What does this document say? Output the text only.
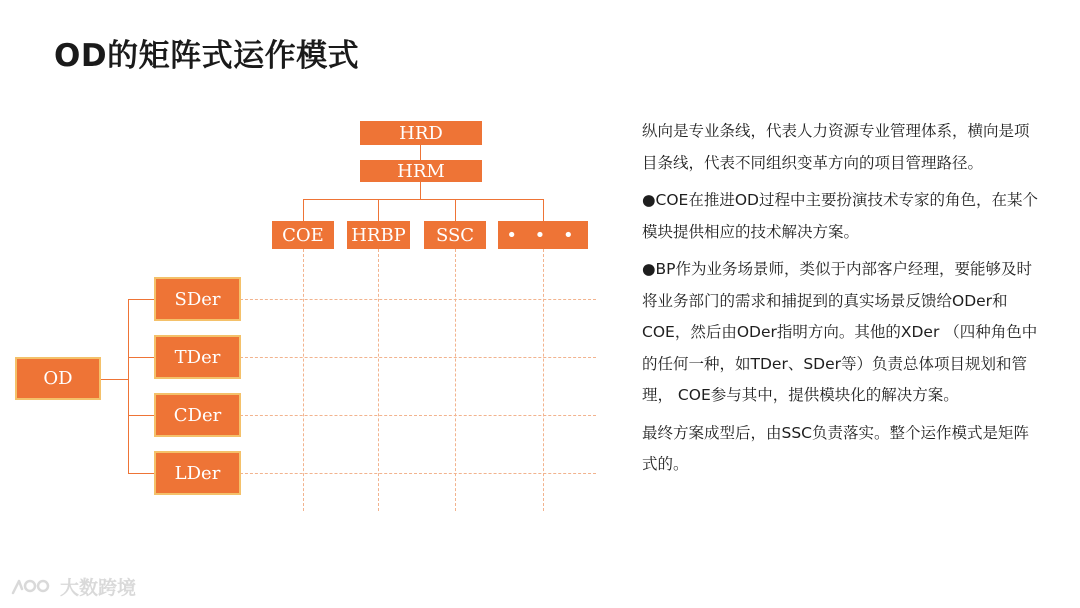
OD的矩阵式运作模式
HRD
HRM
COE	HRBP	SSC	• • •
OD
SDer
TDer
CDer
LDer

纵向是专业条线，代表人力资源专业管理体系，横向是项目条线，代表不同组织变革方向的项目管理路径。

●COE在推进OD过程中主要扮演技术专家的角色，在某个模块提供相应的技术解决方案。

●BP作为业务场景师，类似于内部客户经理，要能够及时将业务部门的需求和捕捉到的真实场景反馈给ODer和COE，然后由ODer指明方向。其他的XDer （四种角色中的任何一种，如TDer、SDer等）负责总体项目规划和管理， COE参与其中，提供模块化的解决方案。

最终方案成型后，由SSC负责落实。整个运作模式是矩阵式的。

大数跨境
